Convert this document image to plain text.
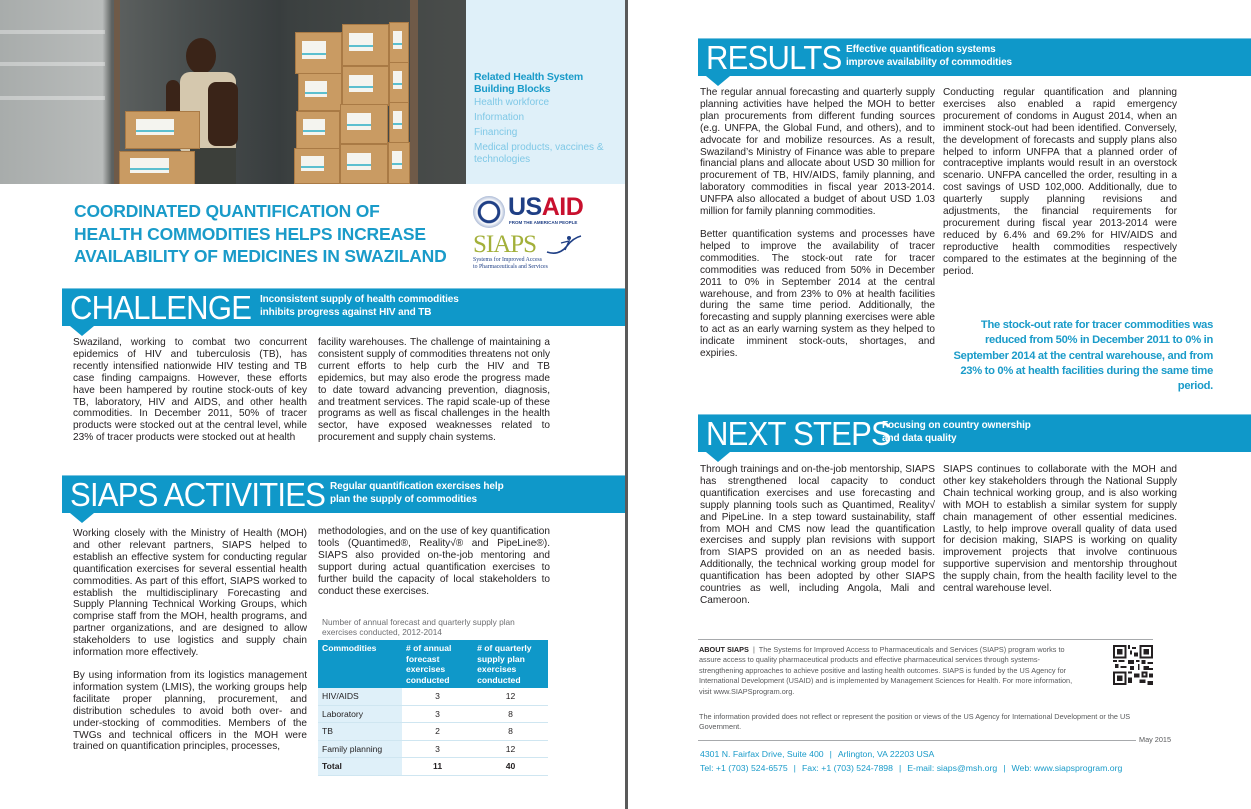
Related Health System Building Blocks
Health workforce
Information
Financing
Medical products, vaccines & technologies
COORDINATED QUANTIFICATION OF
HEALTH COMMODITIES HELPS INCREASE
AVAILABILITY OF MEDICINES IN SWAZILAND
USAID
FROM THE AMERICAN PEOPLE
SIAPS
Systems for Improved Access
to Pharmaceuticals and Services
CHALLENGE Inconsistent supply of health commodities
inhibits progress against HIV and TB

Swaziland, working to combat two concurrent epidemics of HIV and tuberculosis (TB), has recently intensified nationwide HIV testing and TB case finding campaigns. However, these efforts have been hampered by routine stock-outs of key TB, laboratory, HIV and AIDS, and other health commodities. In December 2011, 50% of tracer products were stocked out at the central level, while 23% of tracer products were stocked out at health

facility warehouses. The challenge of maintaining a consistent supply of commodities threatens not only current efforts to help curb the HIV and TB epidemics, but may also erode the progress made to date toward advancing prevention, diagnosis, and treatment services. The rapid scale-up of these programs as well as fiscal challenges in the health sector, have exposed weaknesses related to procurement and supply chain systems.

SIAPS ACTIVITIES Regular quantification exercises help
plan the supply of commodities

Working closely with the Ministry of Health (MOH) and other relevant partners, SIAPS helped to establish an effective system for conducting regular quantification exercises for several essential health commodities. As part of this effort, SIAPS worked to establish the multidisciplinary Forecasting and Supply Planning Technical Working Groups, which comprise staff from the MOH, health programs, and partner organizations, and are designed to allow stakeholders to use logistics and supply chain information more effectively.

By using information from its logistics management information system (LMIS), the working groups help facilitate proper planning, procurement, and distribution schedules to avoid both over- and under-stocking of commodities. Members of the TWGs and technical officers in the MOH were trained on quantification principles, processes,

methodologies, and on the use of key quantification tools (Quantimed®, Reality√® and PipeLine®). SIAPS also provided on-the-job mentoring and support during actual quantification exercises to further build the capacity of local stakeholders to conduct these exercises.

Number of annual forecast and quarterly supply plan exercises conducted, 2012-2014
Commodities	# of annual forecast exercises conducted	# of quarterly supply plan exercises conducted
HIV/AIDS	3	12
Laboratory	3	8
TB	2	8
Family planning	3	12
Total	11	40
RESULTS Effective quantification systems
improve availability of commodities

The regular annual forecasting and quarterly supply planning activities have helped the MOH to better plan procurements from different funding sources (e.g. UNFPA, the Global Fund, and others), and to advocate for and mobilize resources. As a result, Swaziland’s Ministry of Finance was able to prepare financial plans and allocate about USD 30 million for procurement of TB, HIV/AIDS, family planning, and laboratory commodities in fiscal year 2013-2014. UNFPA also allocated a budget of about USD 1.03 million for family planning commodities.

Better quantification systems and processes have helped to improve the availability of tracer commodities. The stock-out rate for tracer commodities was reduced from 50% in December 2011 to 0% in September 2014 at the central warehouse, and from 23% to 0% at health facilities during the same time period. Additionally, the forecasting and supply planning exercises were able to act as an early warning system as they helped to indicate imminent stock-outs, shortages, and expiries.

Conducting regular quantification and planning exercises also enabled a rapid emergency procurement of condoms in August 2014, when an imminent stock-out had been identified. Conversely, the development of forecasts and supply plans also helped to inform UNFPA that a planned order of contraceptive implants would result in an overstock scenario. UNFPA cancelled the order, resulting in a cost savings of USD 102,000. Additionally, due to quarterly supply planning revisions and adjustments, the financial requirements for procurement during fiscal year 2013-2014 were reduced by 6.4% and 69.2% for HIV/AIDS and reproductive health commodities respectively compared to the estimates at the beginning of the period.

The stock-out rate for tracer commodities was reduced from 50% in December 2011 to 0% in September 2014 at the central warehouse, and from 23% to 0% at health facilities during the same time period.
NEXT STEPS
Focusing on country ownership
and data quality

Through trainings and on-the-job mentorship, SIAPS has strengthened local capacity to conduct quantification exercises and use forecasting and supply planning tools such as Quantimed, Reality√ and PipeLine. In a step toward sustainability, staff from MOH and CMS now lead the quantification exercises and supply plan revisions with support from SIAPS provided on an as needed basis. Additionally, the technical working group model for quantification has been adopted by other SIAPS countries as well, including Angola, Mali and Cameroon.

SIAPS continues to collaborate with the MOH and other key stakeholders through the National Supply Chain technical working group, and is also working with MOH to establish a similar system for supply chain management of other essential medicines. Lastly, to help improve overall quality of data used for decision making, SIAPS is working on quality improvement projects that involve continuous supportive supervision and mentorship throughout the supply chain, from the health facility level to the central warehouse level.

ABOUT SIAPS | The Systems for Improved Access to Pharmaceuticals and Services (SIAPS) program works to assure access to quality pharmaceutical products and effective pharmaceutical services through systems-strengthening approaches to achieve positive and lasting health outcomes. SIAPS is funded by the US Agency for International Development (USAID) and is implemented by Management Sciences for Health. For more information, visit www.SIAPSprogram.org.
The information provided does not reflect or represent the position or views of the US Agency for International Development or the US Government.
May 2015
4301 N. Fairfax Drive, Suite 400 | Arlington, VA 22203 USA
Tel: +1 (703) 524-6575 | Fax: +1 (703) 524-7898 | E-mail: siaps@msh.org | Web: www.siapsprogram.org
